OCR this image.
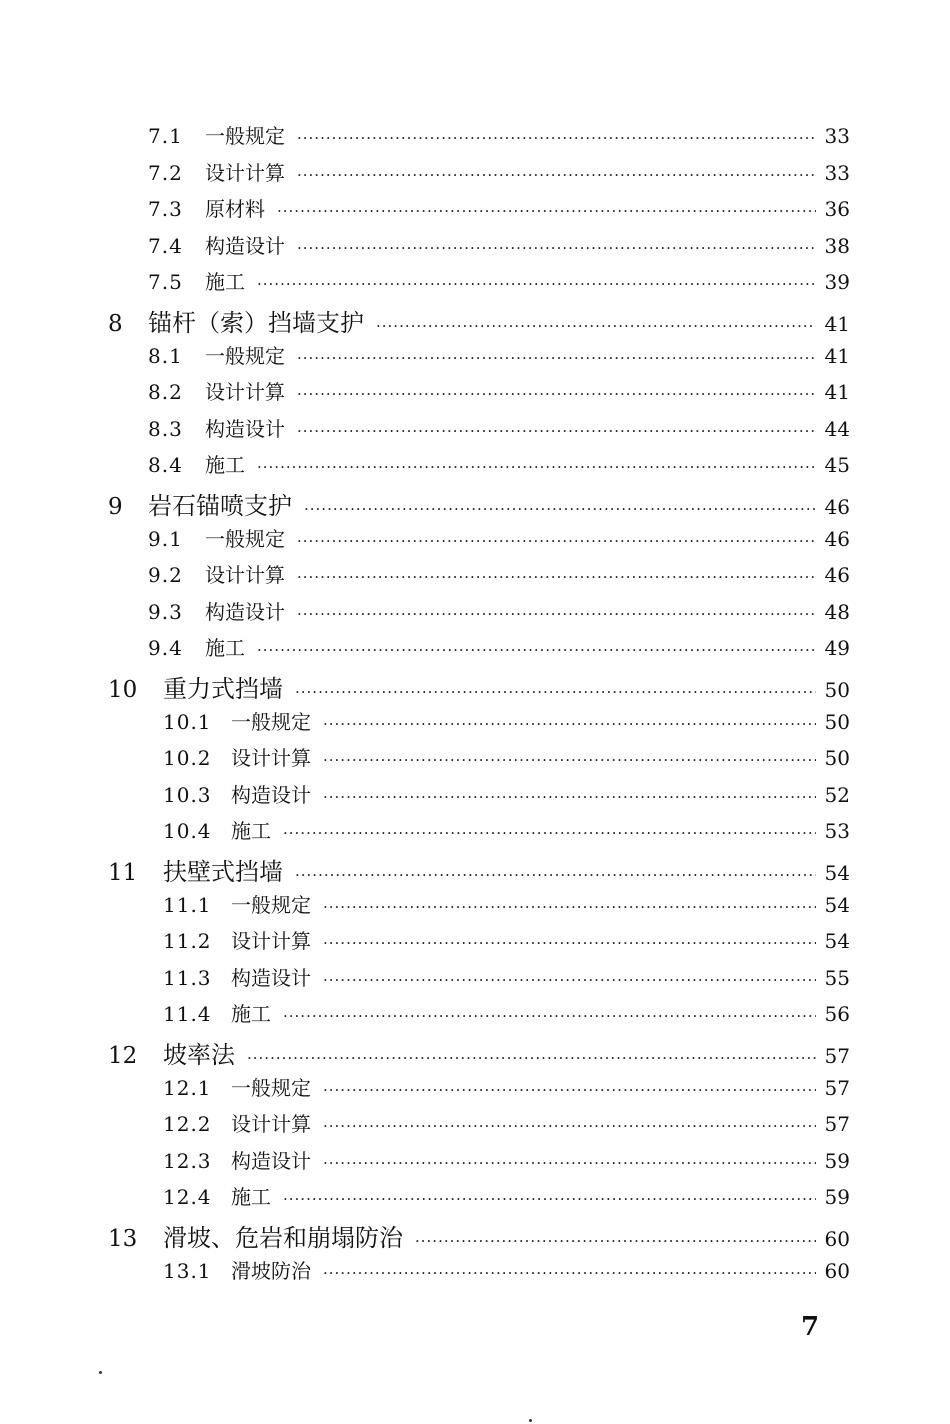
7.1	一般规定 ·····	33
7.2	设计计算 ·····	33
7.3	原材料 ·····	36
7.4	构造设计 ·····	38
7.5	施工 ·····	39
8	锚杆（索）挡墙支护 ·····	41
8.1	一般规定 ·····	41
8.2	设计计算 ·····	41
8.3	构造设计 ·····	44
8.4	施工 ·····	45
9	岩石锚喷支护 ·····	46
9.1	一般规定 ·····	46
9.2	设计计算 ·····	46
9.3	构造设计 ·····	48
9.4	施工 ·····	49
10	重力式挡墙 ·····	50
10.1 一般规定 ·····	50
10.2 设计计算 ·····	50
10.3 构造设计 ·····	52
10.4 施工 ·····	53
11	扶壁式挡墙 ·····	54
11.1 一般规定 ·····	54
11.2 设计计算 ·····	54
11.3 构造设计 ·····	55
11.4 施工 ·····	56
12	坡率法 ·····	57
12.1 一般规定 ·····	57
12.2 设计计算 ·····	57
12.3 构造设计 ·····	59
12.4 施工 ·····	59
13	滑坡、危岩和崩塌防治 ·····	60
13.1 滑坡防治 ·····	60
7
